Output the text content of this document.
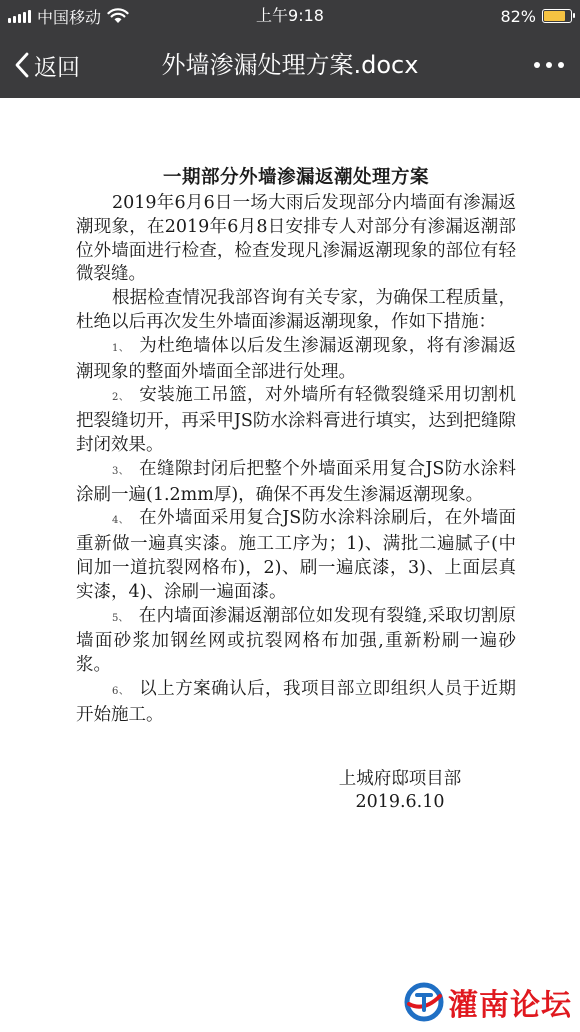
中国移动	上午9:18	82%
返回	外墙渗漏处理方案.docx

一期部分外墙渗漏返潮处理方案

2019年6月6日一场大雨后发现部分内墙面有渗漏返潮现象，在2019年6月8日安排专人对部分有渗漏返潮部位外墙面进行检查，检查发现凡渗漏返潮现象的部位有轻微裂缝。

根据检查情况我部咨询有关专家，为确保工程质量，杜绝以后再次发生外墙面渗漏返潮现象，作如下措施：

1、 为杜绝墙体以后发生渗漏返潮现象，将有渗漏返潮现象的整面外墙面全部进行处理。

2、 安装施工吊篮，对外墙所有轻微裂缝采用切割机把裂缝切开，再采甲JS防水涂料膏进行填实，达到把缝隙封闭效果。

3、 在缝隙封闭后把整个外墙面采用复合JS防水涂料涂刷一遍(1.2mm厚)，确保不再发生渗漏返潮现象。

4、 在外墙面采用复合JS防水涂料涂刷后，在外墙面重新做一遍真实漆。施工工序为；1)、满批二遍腻子(中间加一道抗裂网格布)，2)、刷一遍底漆，3)、上面层真实漆，4)、涂刷一遍面漆。

5、 在内墙面渗漏返潮部位如发现有裂缝,采取切割原墙面砂浆加钢丝网或抗裂网格布加强,重新粉刷一遍砂浆。

6、 以上方案确认后，我项目部立即组织人员于近期开始施工。

上城府邸项目部
2019.6.10
灌南论坛
